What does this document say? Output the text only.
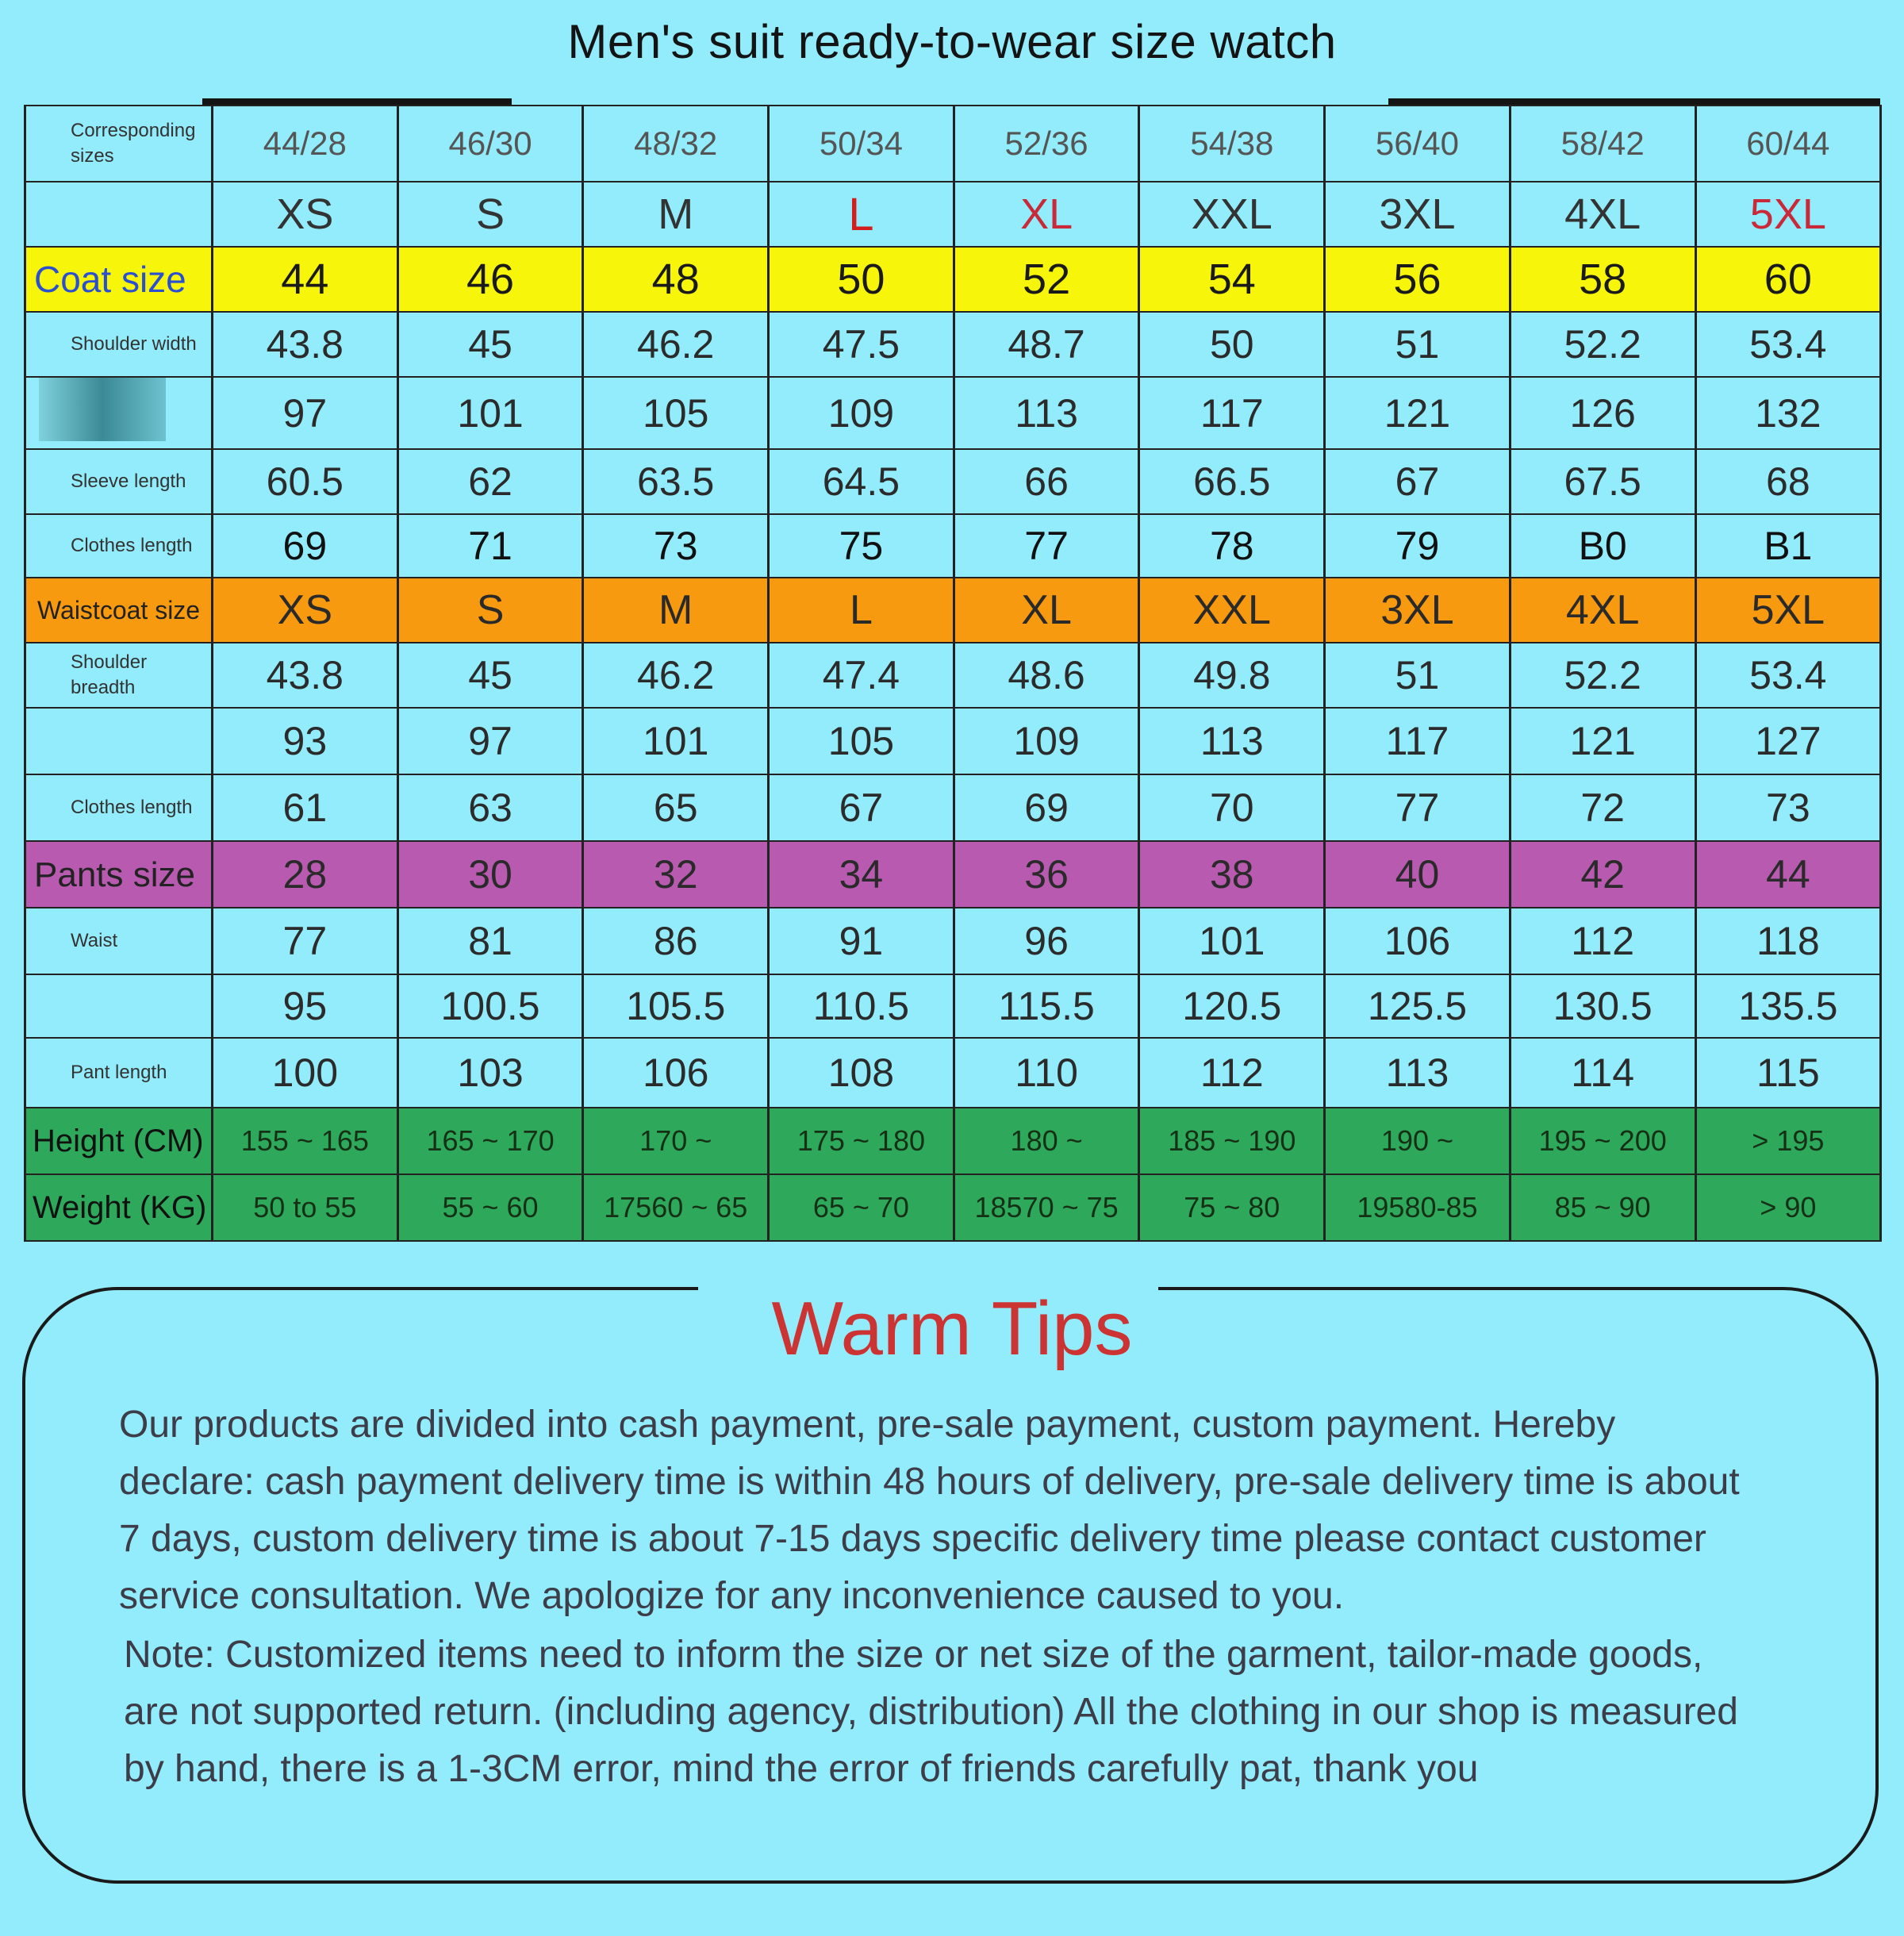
Men's suit ready-to-wear size watch
Corresponding sizes	44/28	46/30	48/32	50/34	52/36	54/38	56/40	58/42	60/44
	XS	S	M	L	XL	XXL	3XL	4XL	5XL
Coat size	44	46	48	50	52	54	56	58	60
Shoulder width	43.8	45	46.2	47.5	48.7	50	51	52.2	53.4
	97	101	105	109	113	117	121	126	132
Sleeve length	60.5	62	63.5	64.5	66	66.5	67	67.5	68
Clothes length	69	71	73	75	77	78	79	B0	B1
Waistcoat size	XS	S	M	L	XL	XXL	3XL	4XL	5XL
Shoulder breadth	43.8	45	46.2	47.4	48.6	49.8	51	52.2	53.4
	93	97	101	105	109	113	117	121	127
Clothes length	61	63	65	67	69	70	77	72	73
Pants size	28	30	32	34	36	38	40	42	44
Waist	77	81	86	91	96	101	106	112	118
	95	100.5	105.5	110.5	115.5	120.5	125.5	130.5	135.5
Pant length	100	103	106	108	110	112	113	114	115
Height (CM)	155 ~ 165	165 ~ 170	170 ~	175 ~ 180	180 ~	185 ~ 190	190 ~	195 ~ 200	> 195
Weight (KG)	50 to 55	55 ~ 60	17560 ~ 65	65 ~ 70	18570 ~ 75	75 ~ 80	19580-85	85 ~ 90	> 90
Warm Tips
Our products are divided into cash payment, pre-sale payment, custom payment. Hereby declare: cash payment delivery time is within 48 hours of delivery, pre-sale delivery time is about 7 days, custom delivery time is about 7-15 days specific delivery time please contact customer service consultation. We apologize for any inconvenience caused to you.
Note: Customized items need to inform the size or net size of the garment, tailor-made goods, are not supported return. (including agency, distribution) All the clothing in our shop is measured by hand, there is a 1-3CM error, mind the error of friends carefully pat, thank you
